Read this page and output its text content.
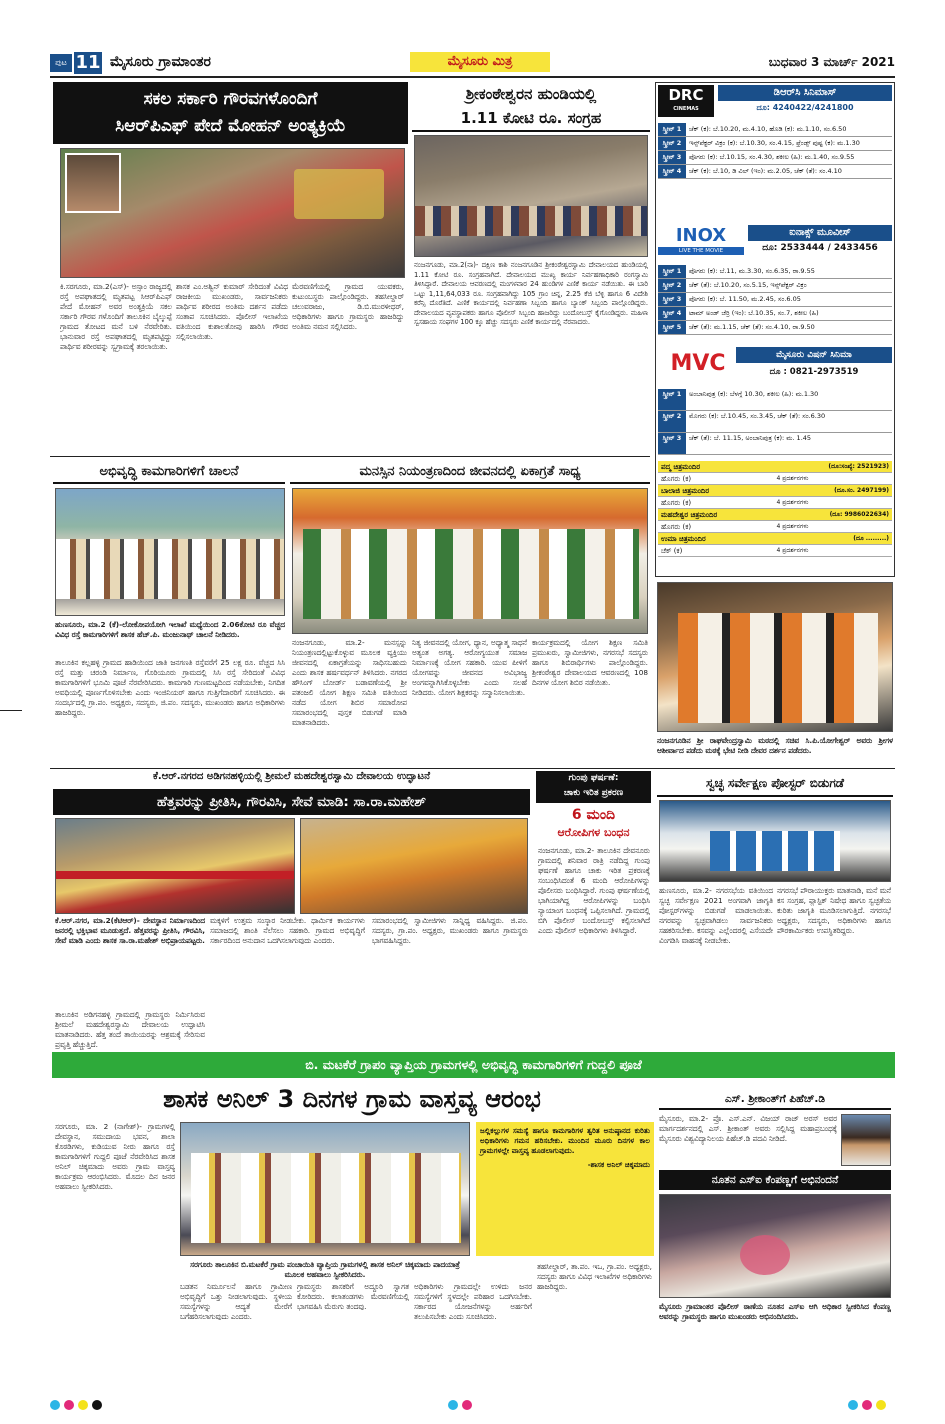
ಪುಟ 11 ಮೈಸೂರು ಗ್ರಾಮಾಂತರ	ಮೈಸೂರು ಮಿತ್ರ	ಬುಧವಾರ 3 ಮಾರ್ಚ್ 2021
ಸಕಲ ಸರ್ಕಾರಿ ಗೌರವಗಳೊಂದಿಗೆ
ಸಿಆರ್‌ಪಿಎಫ್ ಪೇದೆ ಮೋಹನ್ ಅಂತ್ಯಕ್ರಿಯೆ
ಕಿ.ಸರಗೂರು, ಮಾ.2(ಎಸ್‌)- ಅಸ್ಸಾಂ ರಾಜ್ಯದಲ್ಲಿ ರಸ್ತೆ ಅಪಘಾತದಲ್ಲಿ ಮೃತಪಟ್ಟ ಸಿಆರ್‌ಪಿಎಫ್ ಪೇದೆ ಮೋಹನ್ ಅವರ ಅಂತ್ಯಕ್ರಿಯೆ ಸಕಲ ಸರ್ಕಾರಿ ಗೌರವ ಗಳೊಂದಿಗೆ ತಾಲೂಕಿನ ಬೈಲ್ಕುಪ್ಪೆ ಗ್ರಾಮದ ತೋಟದ ಮನೆ ಬಳಿ ನೆರವೇರಿತು. ಭಾನುವಾರ ರಸ್ತೆ ಅಪಘಾತದಲ್ಲಿ ಮೃತಪಟ್ಟಿದ್ದು ಪಾರ್ಥಿವ ಶರೀರವನ್ನು ಸ್ವಗ್ರಾಮಕ್ಕೆ ತರಲಾಯಿತು.
ಶಾಸಕ ಎಂ.ಅಶ್ವಿನ್ ಕುಮಾರ್ ಸೇರಿದಂತೆ ವಿವಿಧ ರಾಜಕೀಯ ಮುಖಂಡರು, ಸಾರ್ವಜನಿಕರು ಪಾರ್ಥಿವ ಶರೀರದ ಅಂತಿಮ ದರ್ಶನ ಪಡೆದು ಸಂತಾಪ ಸೂಚಿಸಿದರು. ಪೊಲೀಸ್ ಇಲಾಖೆಯ ವತಿಯಿಂದ ಕುಶಾಲತೋಪು ಹಾರಿಸಿ ಗೌರವ ಸಲ್ಲಿಸಲಾಯಿತು.
ಮೆರವಣಿಗೆಯಲ್ಲಿ ಗ್ರಾಮದ ಯುವಕರು, ಕುಟುಂಬಸ್ಥರು ಪಾಲ್ಗೊಂಡಿದ್ದರು. ತಹಸೀಲ್ದಾರ್ ಚಲುವರಾಜು, ಡಿ.ಬಿ.ಮುರಳೀಧರ್, ಅಧಿಕಾರಿಗಳು ಹಾಗೂ ಗ್ರಾಮಸ್ಥರು ಹಾಜರಿದ್ದು ಅಂತಿಮ ನಮನ ಸಲ್ಲಿಸಿದರು.
ಶ್ರೀಕಂಠೇಶ್ವರನ ಹುಂಡಿಯಲ್ಲಿ
1.11 ಕೋಟಿ ರೂ. ಸಂಗ್ರಹ
ನಂಜನಗೂಡು, ಮಾ.2(ನಾ)- ದಕ್ಷಿಣ ಕಾಶಿ ನಂಜನಗೂಡಿನ ಶ್ರೀಕಂಠೇಶ್ವರಸ್ವಾಮಿ ದೇವಾಲಯದ ಹುಂಡಿಯಲ್ಲಿ 1.11 ಕೋಟಿ ರೂ. ಸಂಗ್ರಹವಾಗಿದೆ. ದೇವಾಲಯದ ಮುಖ್ಯ ಕಾರ್ಯ ನಿರ್ವಹಣಾಧಿಕಾರಿ ರಂಗಸ್ವಾಮಿ ತಿಳಿಸಿದ್ದಾರೆ. ದೇವಾಲಯ ಆವರಣದಲ್ಲಿ ಮಂಗಳವಾರ 24 ಹುಂಡಿಗಳ ಎಣಿಕೆ ಕಾರ್ಯ ನಡೆಯಿತು. ಈ ಬಾರಿ ಒಟ್ಟು 1,11,64,033 ರೂ. ಸಂಗ್ರಹವಾಗಿದ್ದು 105 ಗ್ರಾಂ ಚಿನ್ನ, 2.25 ಕೆಜಿ ಬೆಳ್ಳಿ ಹಾಗೂ 6 ವಿದೇಶಿ ಕರೆನ್ಸಿ ದೊರೆತಿದೆ. ಎಣಿಕೆ ಕಾರ್ಯದಲ್ಲಿ ನಿರ್ವಹಣಾ ಸಿಬ್ಬಂದಿ ಹಾಗೂ ಬ್ಯಾಂಕ್ ಸಿಬ್ಬಂದಿ ಪಾಲ್ಗೊಂಡಿದ್ದರು. ದೇವಾಲಯದ ವ್ಯವಸ್ಥಾಪಕರು ಹಾಗೂ ಪೊಲೀಸ್ ಸಿಬ್ಬಂದಿ ಹಾಜರಿದ್ದು ಬಂದೋಬಸ್ತ್ ಕೈಗೊಂಡಿದ್ದರು. ಮಹಿಳಾ ಸ್ವಸಹಾಯ ಸಂಘಗಳ 100 ಕ್ಕೂ ಹೆಚ್ಚು ಸದಸ್ಯರು ಎಣಿಕೆ ಕಾರ್ಯದಲ್ಲಿ ನೆರವಾದರು.
DRC
CINEMAS
ಡಿಆರ್‌ಸಿ ಸಿನಿಮಾಸ್
ದೂ: 4240422/4241800
ಸ್ಕ್ರೀನ್ 1	ಚೆಕ್ (ಕ): ಬೆ.10.20, ಮ.4.10, ಹೊಡಿ (ಕ): ಮ.1.10, ಸಂ.6.50
ಸ್ಕ್ರೀನ್ 2	ಇನ್ಸ್‌ಪೆಕ್ಟರ್ ವಿಕ್ರಂ (ಕ): ಬೆ.10.30, ಸಂ.4.15, ಫ್ರೆಂಡ್ಸ್ ಪುಷ್ಟ (ಕ): ಮ.1.30
ಸ್ಕ್ರೀನ್ 3	ಪೊಗರು (ಕ): ಬೆ.10.15, ಸಂ.4.30, ಶಕೀಲ (ಹಿ): ಮ.1.40, ಸಂ.9.55
ಸ್ಕ್ರೀನ್ 4	ಚೆಕ್ (ಕ): ಬೆ.10, ಡಿ ವಿಲ್ (ಇಂ): ಮ.2.05, ಚೆಕ್ (ತೆ): ಸಂ.4.10
INOX
LIVE THE MOVIE
ಐನಾಕ್ಸ್ ಮೂವೀಸ್
ದೂ: 2533444 / 2433456
ಸ್ಕ್ರೀನ್ 1	ಪೊಗರು (ಕ): ಬೆ.11, ಮ.3.30, ಸಂ.6.35, ರಾ.9.55
ಸ್ಕ್ರೀನ್ 2	ಚೆಕ್ (ತೆ): ಬೆ.10.20, ಸಂ.5.15, ಇನ್ಸ್‌ಪೆಕ್ಟರ್ ವಿಕ್ರಂ
ಸ್ಕ್ರೀನ್ 3	ಪೊಗರು (ಕ): ಬೆ. 11.50, ಮ.2.45, ಸಂ.6.05
ಸ್ಕ್ರೀನ್ 4	ಟಾಮ್ ಅಂಡ್ ಜೆರ್ರಿ (ಇಂ): ಬೆ.10.35, ಸಂ.7, ಶಕೀಲ (ಹಿ)
ಸ್ಕ್ರೀನ್ 5	ಚೆಕ್ (ತೆ): ಮ.1.15, ಚೆಕ್ (ತೆ): ಸಂ.4.10, ರಾ.9.50
MVC	ಮೈಸೂರು ವಿಷನ್ ಸಿನಿಮಾ
ದೂ : 0821-2973519
ಸ್ಕ್ರೀನ್ 1	ಅಂಬಾನಿಪುತ್ರ (ಕ): ಬೆಳಗ್ಗೆ 10.30, ಶಕೀಲ (ಹಿ): ಮ.1.30
ಸ್ಕ್ರೀನ್ 2	ಮೊಗರು (ಕ): ಬೆ.10.45, ಸಂ.3.45, ಚೆಕ್ (ತೆ): ಸಂ.6.30
ಸ್ಕ್ರೀನ್ 3	ಚೆಕ್ (ತೆ): ಬೆ. 11.15, ಅಂಬಾನಿಪುತ್ರ (ಕ): ಮ. 1.45
ಪದ್ಮ ಚಿತ್ರಮಂದಿರ	(ದೂ:ಸಂಖ್ಯೆ: 2521923)
ಹೊಗರು (ಕ)	4 ಪ್ರದರ್ಶನಗಳು
ಬಾಲಾಜಿ ಚಿತ್ರಮಂದಿರ	(ದೂ.ಸಂ. 2497199)
ಹೊಗರು (ಕ)	4 ಪ್ರದರ್ಶನಗಳು
ಮಹದೇಶ್ವರ ಚಿತ್ರಮಂದಿರ	(ದೂ: 9986022634)
ಹೊಗರು (ಕ)	4 ಪ್ರದರ್ಶನಗಳು
ಉಮಾ ಚಿತ್ರಮಂದಿರ	(ದೂ .........)
ಚೆಕ್ (ಕ)	4 ಪ್ರದರ್ಶನಗಳು
ಅಭಿವೃದ್ಧಿ ಕಾಮಗಾರಿಗಳಿಗೆ ಚಾಲನೆ
ಹುಣಸೂರು, ಮಾ.2 (ಕೆ)-ಲೋಕೋಪಯೋಗಿ ಇಲಾಖೆ ಮಧ್ಯೆಯಿಂದ 2.06ಕೋಟಿ ರೂ ವೆಚ್ಚದ ವಿವಿಧ ರಸ್ತೆ ಕಾಮಗಾರಿಗಳಿಗೆ ಶಾಸಕ ಹೆಚ್.ಪಿ. ಮಂಜುನಾಥ್ ಚಾಲನೆ ನೀಡಿದರು.
ತಾಲೂಕಿನ ಕಲ್ಲಹಳ್ಳಿ ಗ್ರಾಮದ ಹಾಡಿಯಿಂದ ಜಾತಿ ಜನಗಣತಿ ರಸ್ತೆವರೆಗೆ 25 ಲಕ್ಷ ರೂ. ವೆಚ್ಚದ ಸಿಸಿ ರಸ್ತೆ ಮತ್ತು ಚರಂಡಿ ನಿರ್ಮಾಣ, ಗೊರಿಯೂರು ಗ್ರಾಮದಲ್ಲಿ ಸಿಸಿ ರಸ್ತೆ ಸೇರಿದಂತೆ ವಿವಿಧ ಕಾಮಗಾರಿಗಳಿಗೆ ಭೂಮಿ ಪೂಜೆ ನೆರವೇರಿಸಿದರು. ಕಾಮಗಾರಿ ಗುಣಮಟ್ಟದಿಂದ ನಡೆಯಬೇಕು, ನಿಗದಿತ ಅವಧಿಯಲ್ಲಿ ಪೂರ್ಣಗೊಳಿಸಬೇಕು ಎಂದು ಇಂಜಿನಿಯರ್ ಹಾಗೂ ಗುತ್ತಿಗೆದಾರರಿಗೆ ಸೂಚಿಸಿದರು. ಈ ಸಂದರ್ಭದಲ್ಲಿ ಗ್ರಾ.ಪಂ. ಅಧ್ಯಕ್ಷರು, ಸದಸ್ಯರು, ಜಿ.ಪಂ. ಸದಸ್ಯರು, ಮುಖಂಡರು ಹಾಗೂ ಅಧಿಕಾರಿಗಳು ಹಾಜರಿದ್ದರು.
ಮನಸ್ಸಿನ ನಿಯಂತ್ರಣದಿಂದ ಜೀವನದಲ್ಲಿ ಏಕಾಗ್ರತೆ ಸಾಧ್ಯ
ನಂಜನಗೂಡು, ಮಾ.2- ಮನಸ್ಸನ್ನು ನಿಯಂತ್ರಣದಲ್ಲಿಟ್ಟುಕೊಳ್ಳುವ ಮೂಲಕ ವ್ಯಕ್ತಿಯು ಜೀವನದಲ್ಲಿ ಏಕಾಗ್ರತೆಯನ್ನು ಸಾಧಿಸಬಹುದು ಎಂದು ಶಾಸಕ ಹರ್ಷವರ್ಧನ್ ತಿಳಿಸಿದರು. ನಗರದ ಹೌಸಿಂಗ್ ಬೋರ್ಡ್ ಬಡಾವಣೆಯಲ್ಲಿ ಶ್ರೀ ಪತಂಜಲಿ ಯೋಗ ಶಿಕ್ಷಣ ಸಮಿತಿ ವತಿಯಿಂದ ನಡೆದ ಯೋಗ ಶಿಬಿರ ಸಮಾರೋಪ ಸಮಾರಂಭದಲ್ಲಿ ಪುಸ್ತಕ ಬಿಡುಗಡೆ ಮಾಡಿ ಮಾತನಾಡಿದರು.
ನಿತ್ಯ ಜೀವನದಲ್ಲಿ ಯೋಗ, ಧ್ಯಾನ, ಅಧ್ಯಾತ್ಮ ಸಾಧನೆ ಅತ್ಯಂತ ಅಗತ್ಯ. ಆರೋಗ್ಯಯುತ ಸಮಾಜ ನಿರ್ಮಾಣಕ್ಕೆ ಯೋಗ ಸಹಕಾರಿ. ಯುವ ಪೀಳಿಗೆ ಯೋಗವನ್ನು ಜೀವನದ ಅವಿಭಾಜ್ಯ ಅಂಗವನ್ನಾಗಿಸಿಕೊಳ್ಳಬೇಕು ಎಂದು ಸಲಹೆ ನೀಡಿದರು. ಯೋಗ ಶಿಕ್ಷಕರನ್ನು ಸನ್ಮಾನಿಸಲಾಯಿತು.
ಕಾರ್ಯಕ್ರಮದಲ್ಲಿ ಯೋಗ ಶಿಕ್ಷಣ ಸಮಿತಿ ಪ್ರಮುಖರು, ಸ್ವಾಮೀಜಿಗಳು, ನಗರಸಭೆ ಸದಸ್ಯರು ಹಾಗೂ ಶಿಬಿರಾರ್ಥಿಗಳು ಪಾಲ್ಗೊಂಡಿದ್ದರು. ಶ್ರೀಕಂಠೇಶ್ವರ ದೇವಾಲಯದ ಆವರಣದಲ್ಲಿ 108 ದಿನಗಳ ಯೋಗ ಶಿಬಿರ ನಡೆಯಿತು.
ನಂಜನಗೂಡಿನ ಶ್ರೀ ರಾಘವೇಂದ್ರಸ್ವಾಮಿ ಮಠದಲ್ಲಿ ಸಚಿವ ಸಿ.ಪಿ.ಯೋಗೇಶ್ವರ್ ಅವರು ಶ್ರೀಗಳ ಆಶೀರ್ವಾದ ಪಡೆದು ಮಠಕ್ಕೆ ಭೇಟಿ ನೀಡಿ ದೇವರ ದರ್ಶನ ಪಡೆದರು.
ಕೆ.ಆರ್.ನಗರದ ಅಡಿಗನಹಳ್ಳಿಯಲ್ಲಿ ಶ್ರೀಮಲೆ ಮಹದೇಶ್ವರಸ್ವಾಮಿ ದೇವಾಲಯ ಉದ್ಘಾಟನೆ
ಹೆತ್ತವರನ್ನು ಪ್ರೀತಿಸಿ, ಗೌರವಿಸಿ, ಸೇವೆ ಮಾಡಿ: ಸಾ.ರಾ.ಮಹೇಶ್
ಕೆ.ಆರ್.ನಗರ, ಮಾ.2(ಕೆಟಿಆರ್)- ದೇವಸ್ಥಾನ ನಿರ್ಮಾಣದಿಂದ ಜನರಲ್ಲಿ ಭಕ್ತಿಭಾವ ಮೂಡುತ್ತದೆ. ಹೆತ್ತವರನ್ನು ಪ್ರೀತಿಸಿ, ಗೌರವಿಸಿ, ಸೇವೆ ಮಾಡಿ ಎಂದು ಶಾಸಕ ಸಾ.ರಾ.ಮಹೇಶ್ ಅಭಿಪ್ರಾಯಪಟ್ಟರು.
ತಾಲೂಕಿನ ಅಡಿಗನಹಳ್ಳಿ ಗ್ರಾಮದಲ್ಲಿ ಗ್ರಾಮಸ್ಥರು ನಿರ್ಮಿಸಿರುವ ಶ್ರೀಮಲೆ ಮಹದೇಶ್ವರಸ್ವಾಮಿ ದೇವಾಲಯ ಉದ್ಘಾಟಿಸಿ ಮಾತನಾಡಿದರು. ಹೆತ್ತ ತಂದೆ ತಾಯಿಯರನ್ನು ಆಶ್ರಮಕ್ಕೆ ಸೇರಿಸುವ ಪ್ರವೃತ್ತಿ ಹೆಚ್ಚುತ್ತಿದೆ.
ಮಕ್ಕಳಿಗೆ ಉತ್ತಮ ಸಂಸ್ಕಾರ ನೀಡಬೇಕು. ಧಾರ್ಮಿಕ ಕಾರ್ಯಗಳು ಸಮಾಜದಲ್ಲಿ ಶಾಂತಿ ನೆಲೆಸಲು ಸಹಕಾರಿ. ಗ್ರಾಮದ ಅಭಿವೃದ್ಧಿಗೆ ಸರ್ಕಾರದಿಂದ ಅನುದಾನ ಒದಗಿಸಲಾಗುವುದು ಎಂದರು.
ಸಮಾರಂಭದಲ್ಲಿ ಸ್ವಾಮೀಜಿಗಳು ಸಾನ್ನಿಧ್ಯ ವಹಿಸಿದ್ದರು. ಜಿ.ಪಂ. ಸದಸ್ಯರು, ಗ್ರಾ.ಪಂ. ಅಧ್ಯಕ್ಷರು, ಮುಖಂಡರು ಹಾಗೂ ಗ್ರಾಮಸ್ಥರು ಭಾಗವಹಿಸಿದ್ದರು.
ಗುಂಪು ಘರ್ಷಣೆ:
ಚಾಕು ಇರಿತ ಪ್ರಕರಣ
6 ಮಂದಿ
ಆರೋಪಿಗಳ ಬಂಧನ
ನಂಜನಗೂಡು, ಮಾ.2- ತಾಲೂಕಿನ ದೇವನೂರು ಗ್ರಾಮದಲ್ಲಿ ಶನಿವಾರ ರಾತ್ರಿ ನಡೆದಿದ್ದ ಗುಂಪು ಘರ್ಷಣೆ ಹಾಗೂ ಚಾಕು ಇರಿತ ಪ್ರಕರಣಕ್ಕೆ ಸಂಬಂಧಿಸಿದಂತೆ 6 ಮಂದಿ ಆರೋಪಿಗಳನ್ನು ಪೊಲೀಸರು ಬಂಧಿಸಿದ್ದಾರೆ. ಗುಂಪು ಘರ್ಷಣೆಯಲ್ಲಿ ಭಾಗಿಯಾಗಿದ್ದ ಆರೋಪಿಗಳನ್ನು ಬಂಧಿಸಿ ನ್ಯಾಯಾಂಗ ಬಂಧನಕ್ಕೆ ಒಪ್ಪಿಸಲಾಗಿದೆ. ಗ್ರಾಮದಲ್ಲಿ ಬಿಗಿ ಪೊಲೀಸ್ ಬಂದೋಬಸ್ತ್ ಕಲ್ಪಿಸಲಾಗಿದೆ ಎಂದು ಪೊಲೀಸ್ ಅಧಿಕಾರಿಗಳು ತಿಳಿಸಿದ್ದಾರೆ.
ಸ್ವಚ್ಛ ಸರ್ವೇಕ್ಷಣ ಪೋಸ್ಟರ್ ಬಿಡುಗಡೆ
ಹುಣಸೂರು, ಮಾ.2- ನಗರಸಭೆಯ ವತಿಯಿಂದ ಸ್ವಚ್ಛ ಸರ್ವೇಕ್ಷಣ 2021 ಅಂಗವಾಗಿ ಜಾಗೃತಿ ಪೋಸ್ಟರ್‌ಗಳನ್ನು ಬಿಡುಗಡೆ ಮಾಡಲಾಯಿತು. ನಗರವನ್ನು ಸ್ವಚ್ಛವಾಗಿಡಲು ಸಾರ್ವಜನಿಕರು ಸಹಕರಿಸಬೇಕು. ಕಸವನ್ನು ಎಲ್ಲೆಂದರಲ್ಲಿ ಎಸೆಯದೇ ವಿಂಗಡಿಸಿ ವಾಹನಕ್ಕೆ ನೀಡಬೇಕು.
ನಗರಸಭೆ ಪೌರಾಯುಕ್ತರು ಮಾತನಾಡಿ, ಮನೆ ಮನೆ ಕಸ ಸಂಗ್ರಹ, ಪ್ಲಾಸ್ಟಿಕ್ ನಿಷೇಧ ಹಾಗೂ ಸ್ವಚ್ಛತೆಯ ಕುರಿತು ಜಾಗೃತಿ ಮೂಡಿಸಲಾಗುತ್ತಿದೆ. ನಗರಸಭೆ ಅಧ್ಯಕ್ಷರು, ಸದಸ್ಯರು, ಅಧಿಕಾರಿಗಳು ಹಾಗೂ ಪೌರಕಾರ್ಮಿಕರು ಉಪಸ್ಥಿತರಿದ್ದರು.
ಬಿ. ಮಟಕೆರೆ ಗ್ರಾಪಂ ವ್ಯಾಪ್ತಿಯ ಗ್ರಾಮಗಳಲ್ಲಿ ಅಭಿವೃದ್ಧಿ ಕಾಮಗಾರಿಗಳಿಗೆ ಗುದ್ದಲಿ ಪೂಜೆ
ಶಾಸಕ ಅನಿಲ್ 3 ದಿನಗಳ ಗ್ರಾಮ ವಾಸ್ತವ್ಯ ಆರಂಭ
ಸರಗೂರು, ಮಾ. 2 (ನಾಗೇಶ್)- ಗ್ರಾಮಗಳಲ್ಲಿ ದೇವಸ್ಥಾನ, ಸಮುದಾಯ ಭವನ, ಶಾಲಾ ಕೊಠಡಿಗಳು, ಕುಡಿಯುವ ನೀರು ಹಾಗೂ ರಸ್ತೆ ಕಾಮಗಾರಿಗಳಿಗೆ ಗುದ್ದಲಿ ಪೂಜೆ ನೆರವೇರಿಸಿದ ಶಾಸಕ ಅನಿಲ್ ಚಿಕ್ಕಮಾದು ಅವರು ಗ್ರಾಮ ವಾಸ್ತವ್ಯ ಕಾರ್ಯಕ್ರಮ ಆರಂಭಿಸಿದರು. ಮೊದಲ ದಿನ ಜನರ ಅಹವಾಲು ಸ್ವೀಕರಿಸಿದರು.
ಜಲ್ಲಿಕಲ್ಲುಗಳ ಸಮಸ್ಯೆ ಹಾಗೂ ಕಾಮಗಾರಿಗಳ ತ್ವರಿತ ಅನುಷ್ಠಾನದ ಕುರಿತು ಅಧಿಕಾರಿಗಳು ಗಮನ ಹರಿಸಬೇಕು. ಮುಂದಿನ ಮೂರು ದಿನಗಳ ಕಾಲ ಗ್ರಾಮಗಳಲ್ಲೇ ವಾಸ್ತವ್ಯ ಹೂಡಲಾಗುವುದು.
-ಶಾಸಕ ಅನಿಲ್ ಚಿಕ್ಕಮಾದು
ಸರಗೂರು ತಾಲೂಕಿನ ಬಿ.ಮಟಕೆರೆ ಗ್ರಾಮ ಪಂಚಾಯಿತಿ ವ್ಯಾಪ್ತಿಯ ಗ್ರಾಮಗಳಲ್ಲಿ ಶಾಸಕ ಅನಿಲ್ ಚಿಕ್ಕಮಾದು ಪಾದಯಾತ್ರೆ ಮೂಲಕ ಅಹವಾಲು ಸ್ವೀಕರಿಸಿದರು.
ಬಡತನ ನಿರ್ಮೂಲನೆ ಹಾಗೂ ಗ್ರಾಮೀಣ ಅಭಿವೃದ್ಧಿಗೆ ಒತ್ತು ನೀಡಲಾಗುವುದು. ಸ್ಥಳೀಯ ಸಮಸ್ಯೆಗಳನ್ನು ಆದ್ಯತೆ ಮೇರೆಗೆ ಬಗೆಹರಿಸಲಾಗುವುದು ಎಂದರು.
ಗ್ರಾಮಸ್ಥರು ಶಾಸಕರಿಗೆ ಅದ್ದೂರಿ ಸ್ವಾಗತ ಕೋರಿದರು. ಕಲಾತಂಡಗಳು ಮೆರವಣಿಗೆಯಲ್ಲಿ ಭಾಗವಹಿಸಿ ಮೆರುಗು ತಂದವು.
ಅಧಿಕಾರಿಗಳು ಗ್ರಾಮದಲ್ಲೇ ಉಳಿದು ಜನರ ಸಮಸ್ಯೆಗಳಿಗೆ ಸ್ಥಳದಲ್ಲೇ ಪರಿಹಾರ ಒದಗಿಸಬೇಕು. ಸರ್ಕಾರದ ಯೋಜನೆಗಳನ್ನು ಅರ್ಹರಿಗೆ ತಲುಪಿಸಬೇಕು ಎಂದು ಸೂಚಿಸಿದರು.
ತಹಸೀಲ್ದಾರ್, ತಾ.ಪಂ. ಇಒ, ಗ್ರಾ.ಪಂ. ಅಧ್ಯಕ್ಷರು, ಸದಸ್ಯರು ಹಾಗೂ ವಿವಿಧ ಇಲಾಖೆಗಳ ಅಧಿಕಾರಿಗಳು ಹಾಜರಿದ್ದರು.
ಎಸ್. ಶ್ರೀಕಾಂತ್‌ಗೆ ಪಿಹೆಚ್.ಡಿ
ಮೈಸೂರು, ಮಾ.2- ಪ್ರೊ. ಎಸ್.ಎನ್. ವಿಜಯ್ ರಾಜ್ ಅರಸ್ ಅವರ ಮಾರ್ಗದರ್ಶನದಲ್ಲಿ ಎಸ್. ಶ್ರೀಕಾಂತ್ ಅವರು ಸಲ್ಲಿಸಿದ್ದ ಮಹಾಪ್ರಬಂಧಕ್ಕೆ ಮೈಸೂರು ವಿಶ್ವವಿದ್ಯಾನಿಲಯ ಪಿಹೆಚ್.ಡಿ ಪದವಿ ನೀಡಿದೆ.
ನೂತನ ಎಸ್‌ಐ ಕೆಂಪಣ್ಣಗೆ ಅಭಿನಂದನೆ
ಮೈಸೂರು ಗ್ರಾಮಾಂತರ ಪೊಲೀಸ್ ಠಾಣೆಯ ನೂತನ ಎಸ್‌ಐ ಆಗಿ ಅಧಿಕಾರ ಸ್ವೀಕರಿಸಿದ ಕೆಂಪಣ್ಣ ಅವರನ್ನು ಗ್ರಾಮಸ್ಥರು ಹಾಗೂ ಮುಖಂಡರು ಅಭಿನಂದಿಸಿದರು.
